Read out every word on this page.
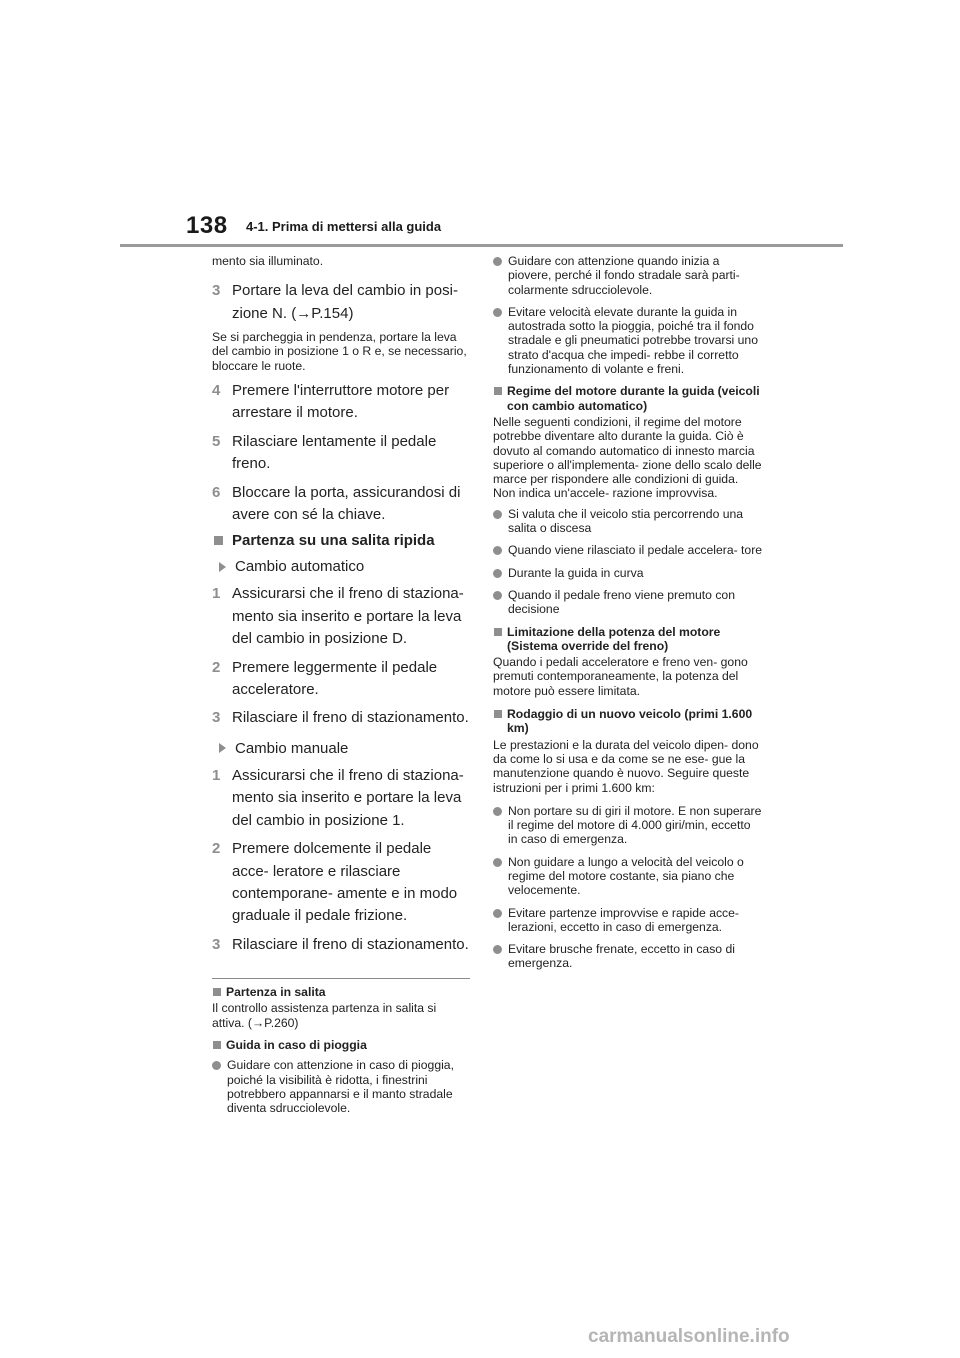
138 4-1. Prima di mettersi alla guida

mento sia illuminato.

3 Portare la leva del cambio in posi- zione N. (→P.154)

Se si parcheggia in pendenza, portare la leva del cambio in posizione 1 o R e, se necessario, bloccare le ruote.

4 Premere l'interruttore motore per arrestare il motore.
5 Rilasciare lentamente il pedale freno.
6 Bloccare la porta, assicurandosi di avere con sé la chiave.
Partenza su una salita ripida
Cambio automatico
1 Assicurarsi che il freno di staziona- mento sia inserito e portare la leva del cambio in posizione D.
2 Premere leggermente il pedale acceleratore.
3 Rilasciare il freno di stazionamento.
Cambio manuale
1 Assicurarsi che il freno di staziona- mento sia inserito e portare la leva del cambio in posizione 1.
2 Premere dolcemente il pedale acce- leratore e rilasciare contemporane- amente e in modo graduale il pedale frizione.
3 Rilasciare il freno di stazionamento.
Partenza in salita

Il controllo assistenza partenza in salita si attiva. (→P.260)

Guida in caso di pioggia
Guidare con attenzione in caso di pioggia, poiché la visibilità è ridotta, i finestrini potrebbero appannarsi e il manto stradale diventa sdrucciolevole.
Guidare con attenzione quando inizia a piovere, perché il fondo stradale sarà parti- colarmente sdrucciolevole.
Evitare velocità elevate durante la guida in autostrada sotto la pioggia, poiché tra il fondo stradale e gli pneumatici potrebbe trovarsi uno strato d'acqua che impedi- rebbe il corretto funzionamento di volante e freni.
Regime del motore durante la guida (veicoli con cambio automatico)

Nelle seguenti condizioni, il regime del motore potrebbe diventare alto durante la guida. Ciò è dovuto al comando automatico di innesto marcia superiore o all'implementa- zione dello scalo delle marce per rispondere alle condizioni di guida. Non indica un'accele- razione improvvisa.

Si valuta che il veicolo stia percorrendo una salita o discesa
Quando viene rilasciato il pedale accelera- tore
Durante la guida in curva
Quando il pedale freno viene premuto con decisione
Limitazione della potenza del motore (Sistema override del freno)

Quando i pedali acceleratore e freno ven- gono premuti contemporaneamente, la potenza del motore può essere limitata.

Rodaggio di un nuovo veicolo (primi 1.600 km)

Le prestazioni e la durata del veicolo dipen- dono da come lo si usa e da come se ne ese- gue la manutenzione quando è nuovo. Seguire queste istruzioni per i primi 1.600 km:

Non portare su di giri il motore. E non superare il regime del motore di 4.000 giri/min, eccetto in caso di emergenza.
Non guidare a lungo a velocità del veicolo o regime del motore costante, sia piano che velocemente.
Evitare partenze improvvise e rapide acce- lerazioni, eccetto in caso di emergenza.
Evitare brusche frenate, eccetto in caso di emergenza.
carmanualsonline.info
